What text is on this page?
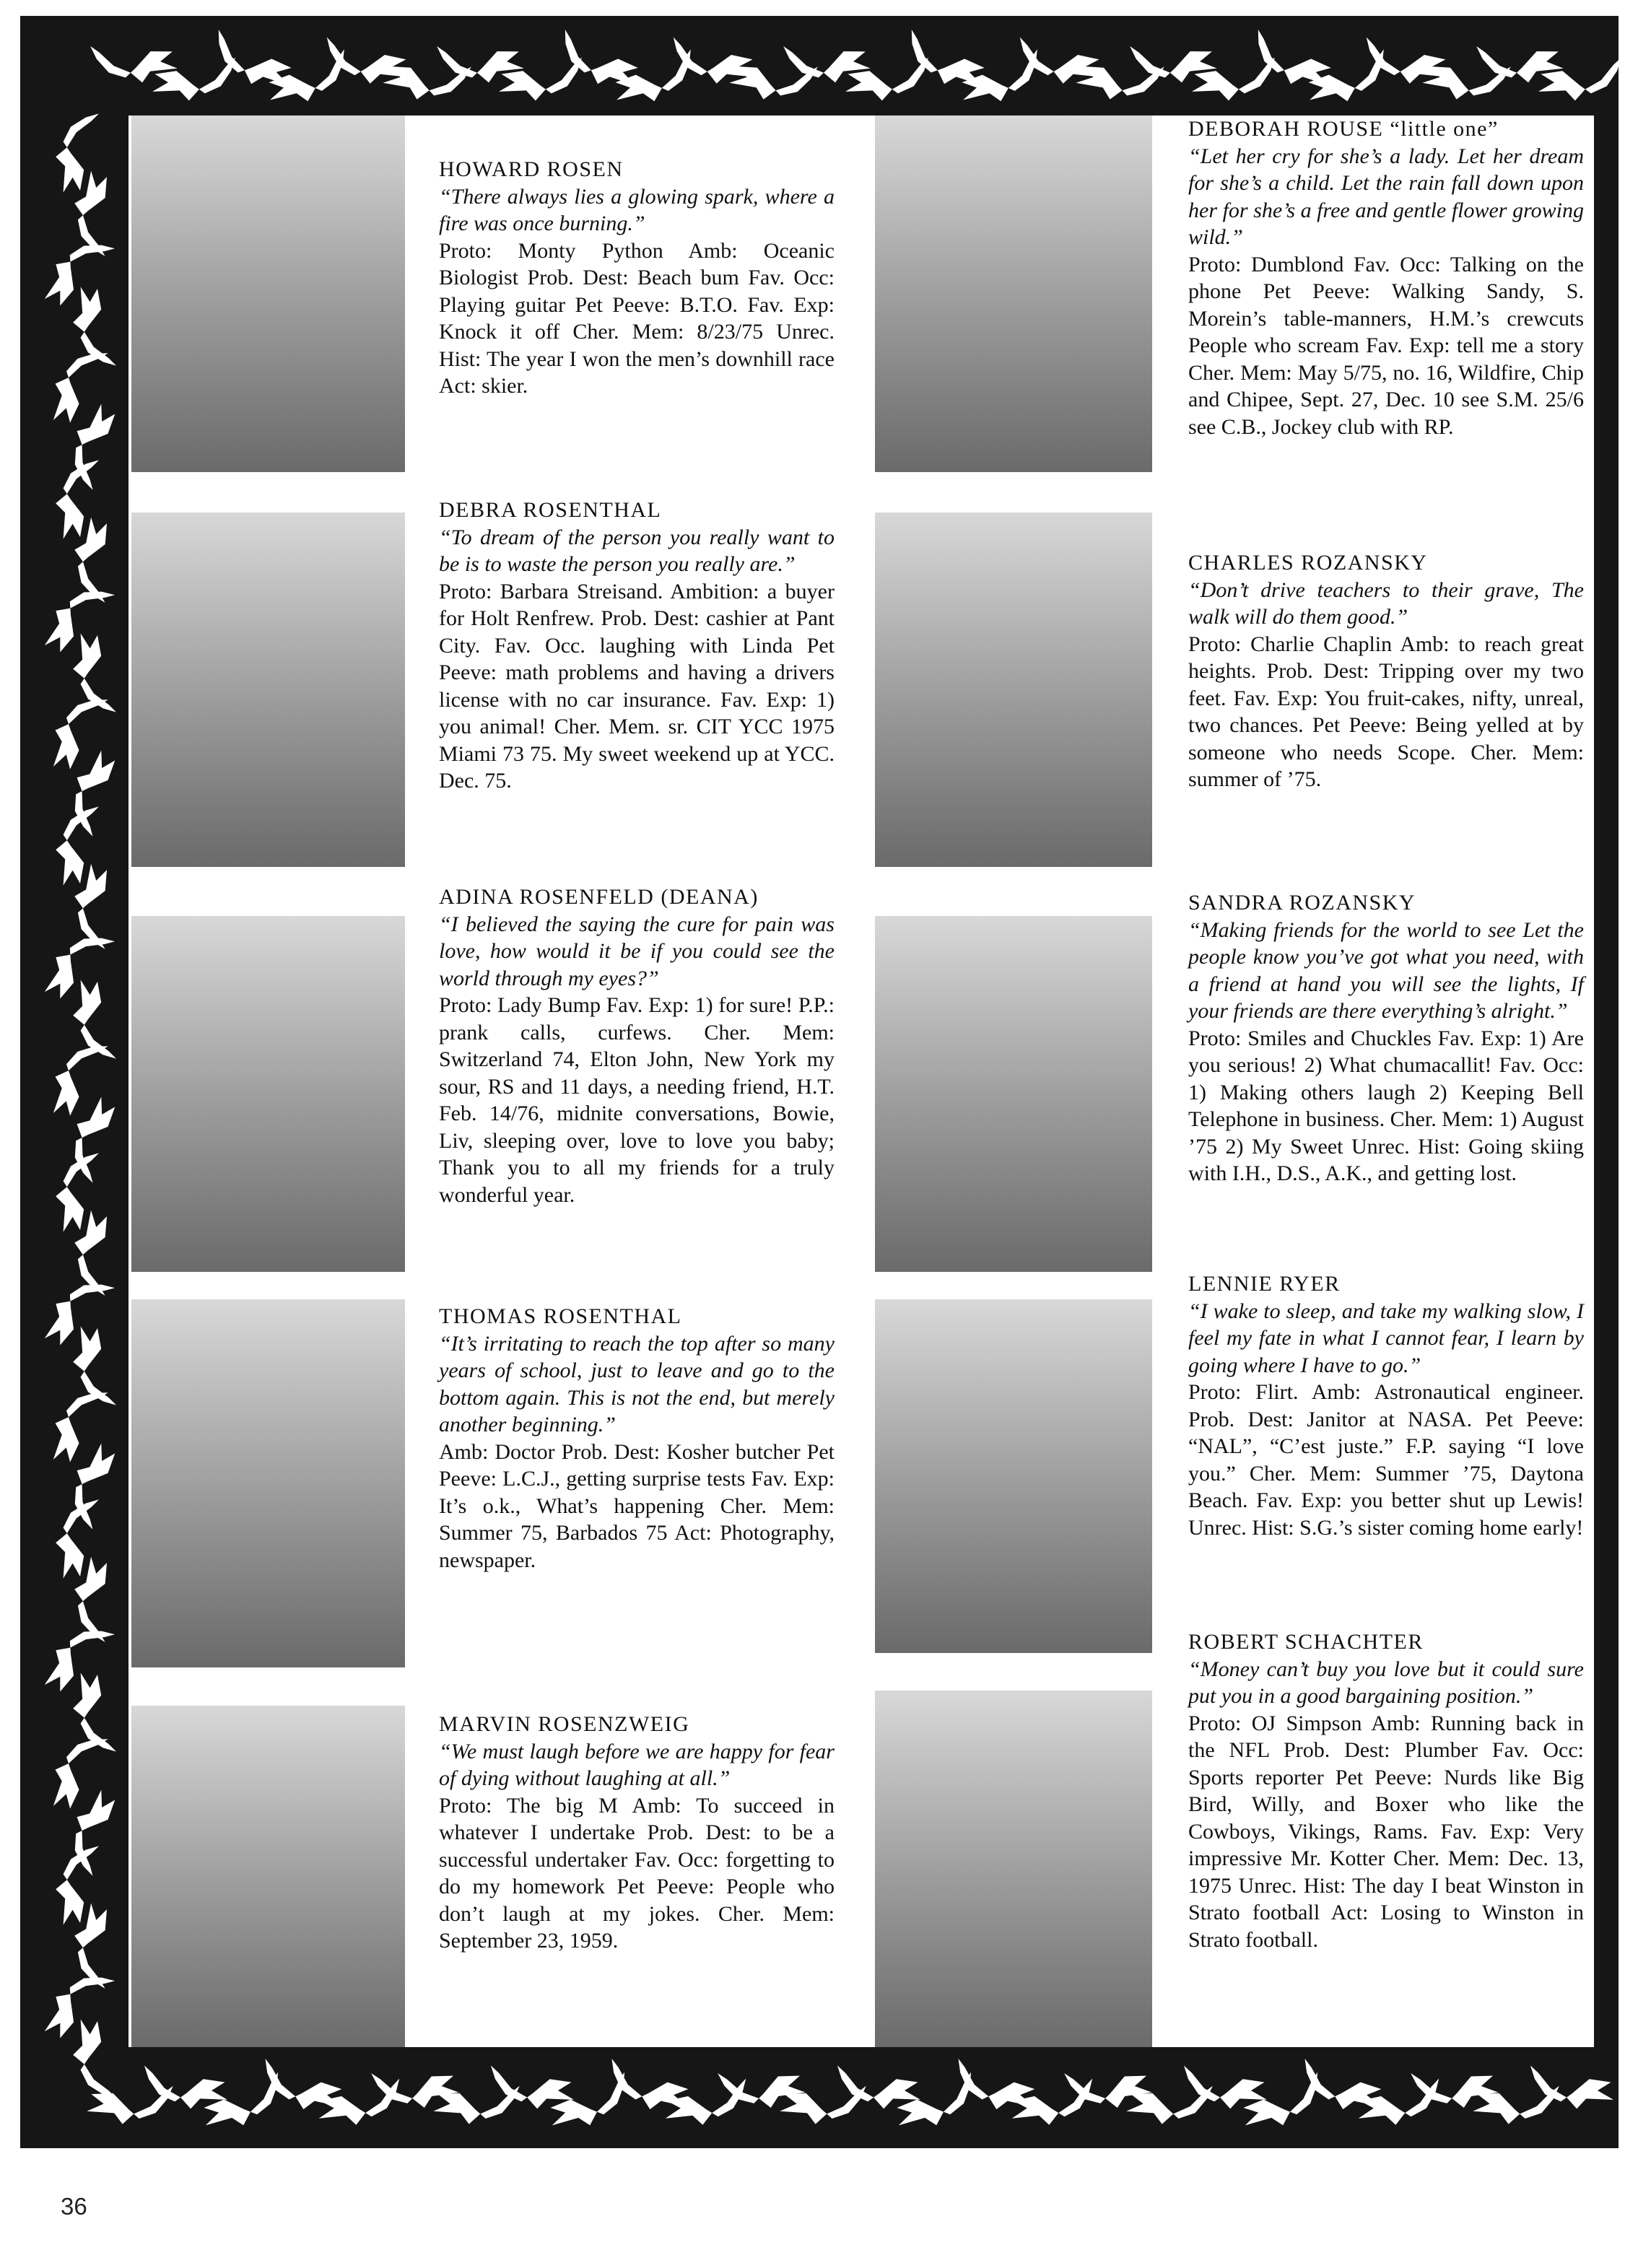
HOWARD ROSEN
“There always lies a glowing spark, where a fire was once burning.”
Proto: Monty Python Amb: Oceanic Biologist Prob. Dest: Beach bum Fav. Occ: Playing guitar Pet Peeve: B.T.O. Fav. Exp: Knock it off Cher. Mem: 8/23/75 Unrec. Hist: The year I won the men’s downhill race Act: skier.
DEBRA ROSENTHAL
“To dream of the person you really want to be is to waste the person you really are.”
Proto: Barbara Streisand. Ambition: a buyer for Holt Renfrew. Prob. Dest: cashier at Pant City. Fav. Occ. laughing with Linda Pet Peeve: math problems and having a drivers license with no car insurance. Fav. Exp: 1) you animal! Cher. Mem. sr. CIT YCC 1975 Miami 73 75. My sweet weekend up at YCC. Dec. 75.
ADINA ROSENFELD (DEANA)
“I believed the saying the cure for pain was love, how would it be if you could see the world through my eyes?”
Proto: Lady Bump Fav. Exp: 1) for sure! P.P.: prank calls, curfews. Cher. Mem: Switzerland 74, Elton John, New York my sour, RS and 11 days, a needing friend, H.T. Feb. 14/76, midnite conversations, Bowie, Liv, sleeping over, love to love you baby; Thank you to all my friends for a truly wonderful year.
THOMAS ROSENTHAL
“It’s irritating to reach the top after so many years of school, just to leave and go to the bottom again. This is not the end, but merely another beginning.”
Amb: Doctor Prob. Dest: Kosher butcher Pet Peeve: L.C.J., getting surprise tests Fav. Exp: It’s o.k., What’s happening Cher. Mem: Summer 75, Barbados 75 Act: Photography, newspaper.
MARVIN ROSENZWEIG
“We must laugh before we are happy for fear of dying without laughing at all.”
Proto: The big M Amb: To succeed in whatever I undertake Prob. Dest: to be a successful undertaker Fav. Occ: forgetting to do my homework Pet Peeve: People who don’t laugh at my jokes. Cher. Mem: September 23, 1959.
DEBORAH ROUSE “little one”
“Let her cry for she’s a lady. Let her dream for she’s a child. Let the rain fall down upon her for she’s a free and gentle flower growing wild.”
Proto: Dumblond Fav. Occ: Talking on the phone Pet Peeve: Walking Sandy, S. Morein’s table-manners, H.M.’s crewcuts People who scream Fav. Exp: tell me a story Cher. Mem: May 5/75, no. 16, Wildfire, Chip and Chipee, Sept. 27, Dec. 10 see S.M. 25/6 see C.B., Jockey club with RP.
CHARLES ROZANSKY
“Don’t drive teachers to their grave, The walk will do them good.”
Proto: Charlie Chaplin Amb: to reach great heights. Prob. Dest: Tripping over my two feet. Fav. Exp: You fruit-cakes, nifty, unreal, two chances. Pet Peeve: Being yelled at by someone who needs Scope. Cher. Mem: summer of ’75.
SANDRA ROZANSKY
“Making friends for the world to see Let the people know you’ve got what you need, with a friend at hand you will see the lights, If your friends are there everything’s alright.”
Proto: Smiles and Chuckles Fav. Exp: 1) Are you serious! 2) What chumacallit! Fav. Occ: 1) Making others laugh 2) Keeping Bell Telephone in business. Cher. Mem: 1) August ’75 2) My Sweet Unrec. Hist: Going skiing with I.H., D.S., A.K., and getting lost.
LENNIE RYER
“I wake to sleep, and take my walking slow, I feel my fate in what I cannot fear, I learn by going where I have to go.”
Proto: Flirt. Amb: Astronautical engineer. Prob. Dest: Janitor at NASA. Pet Peeve: “NAL”, “C’est juste.” F.P. saying “I love you.” Cher. Mem: Summer ’75, Daytona Beach. Fav. Exp: you better shut up Lewis! Unrec. Hist: S.G.’s sister coming home early!
ROBERT SCHACHTER
“Money can’t buy you love but it could sure put you in a good bargaining position.”
Proto: OJ Simpson Amb: Running back in the NFL Prob. Dest: Plumber Fav. Occ: Sports reporter Pet Peeve: Nurds like Big Bird, Willy, and Boxer who like the Cowboys, Vikings, Rams. Fav. Exp: Very impressive Mr. Kotter Cher. Mem: Dec. 13, 1975 Unrec. Hist: The day I beat Winston in Strato football Act: Losing to Winston in Strato football.
36
